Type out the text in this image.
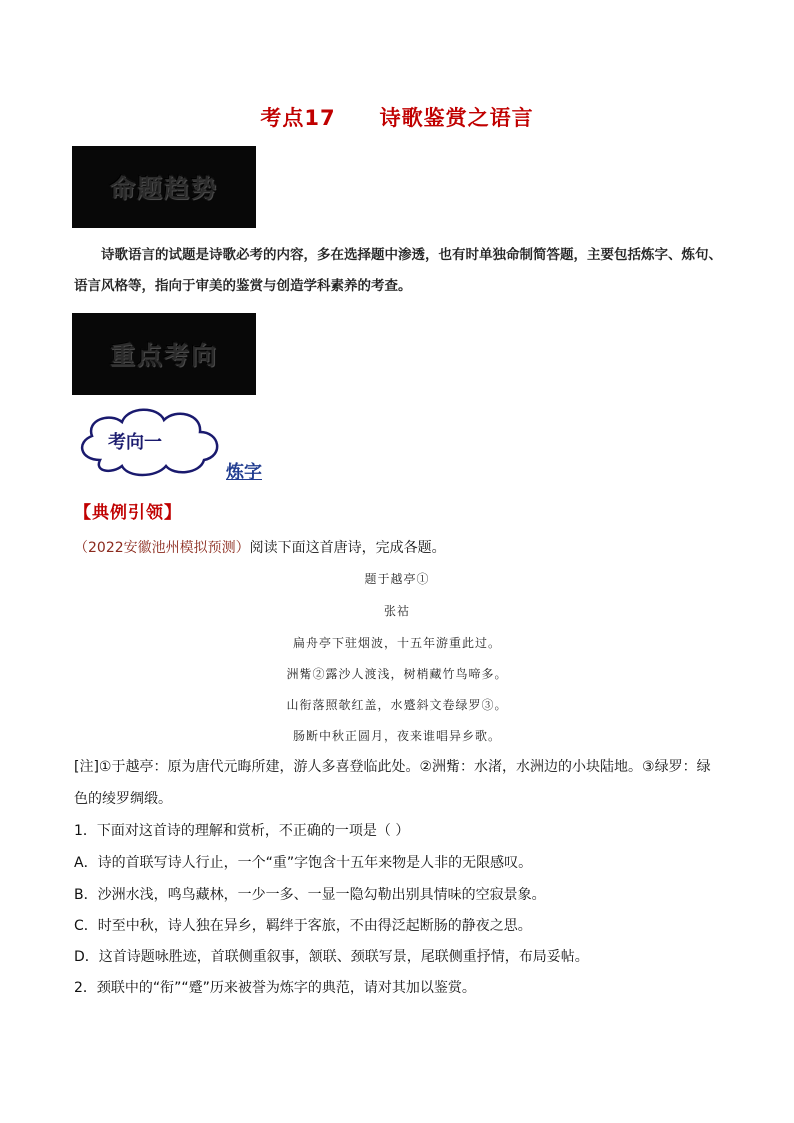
考点17 诗歌鉴赏之语言
命题趋势
诗歌语言的试题是诗歌必考的内容，多在选择题中渗透，也有时单独命制简答题，主要包括炼字、炼句、语言风格等，指向于审美的鉴赏与创造学科素养的考查。
重点考向
考向一
炼字
【典例引领】
（2022安徽池州模拟预测）阅读下面这首唐诗，完成各题。
题于越亭①
张祜
扁舟亭下驻烟波，十五年游重此过。
洲觜②露沙人渡浅，树梢藏竹鸟啼多。
山衔落照欹红盖，水蹙斜文卷绿罗③。
肠断中秋正圆月，夜来谁唱异乡歌。
[注]①于越亭：原为唐代元晦所建，游人多喜登临此处。②洲觜：水渚，水洲边的小块陆地。③绿罗：绿
色的绫罗绸缎。
1．下面对这首诗的理解和赏析，不正确的一项是（ ）
A．诗的首联写诗人行止，一个“重”字饱含十五年来物是人非的无限感叹。
B．沙洲水浅，鸣鸟藏林，一少一多、一显一隐勾勒出别具情味的空寂景象。
C．时至中秋，诗人独在异乡，羁绊于客旅，不由得泛起断肠的静夜之思。
D．这首诗题咏胜迹，首联侧重叙事，颔联、颈联写景，尾联侧重抒情，布局妥帖。
2．颈联中的“衔”“蹙”历来被誉为炼字的典范，请对其加以鉴赏。
